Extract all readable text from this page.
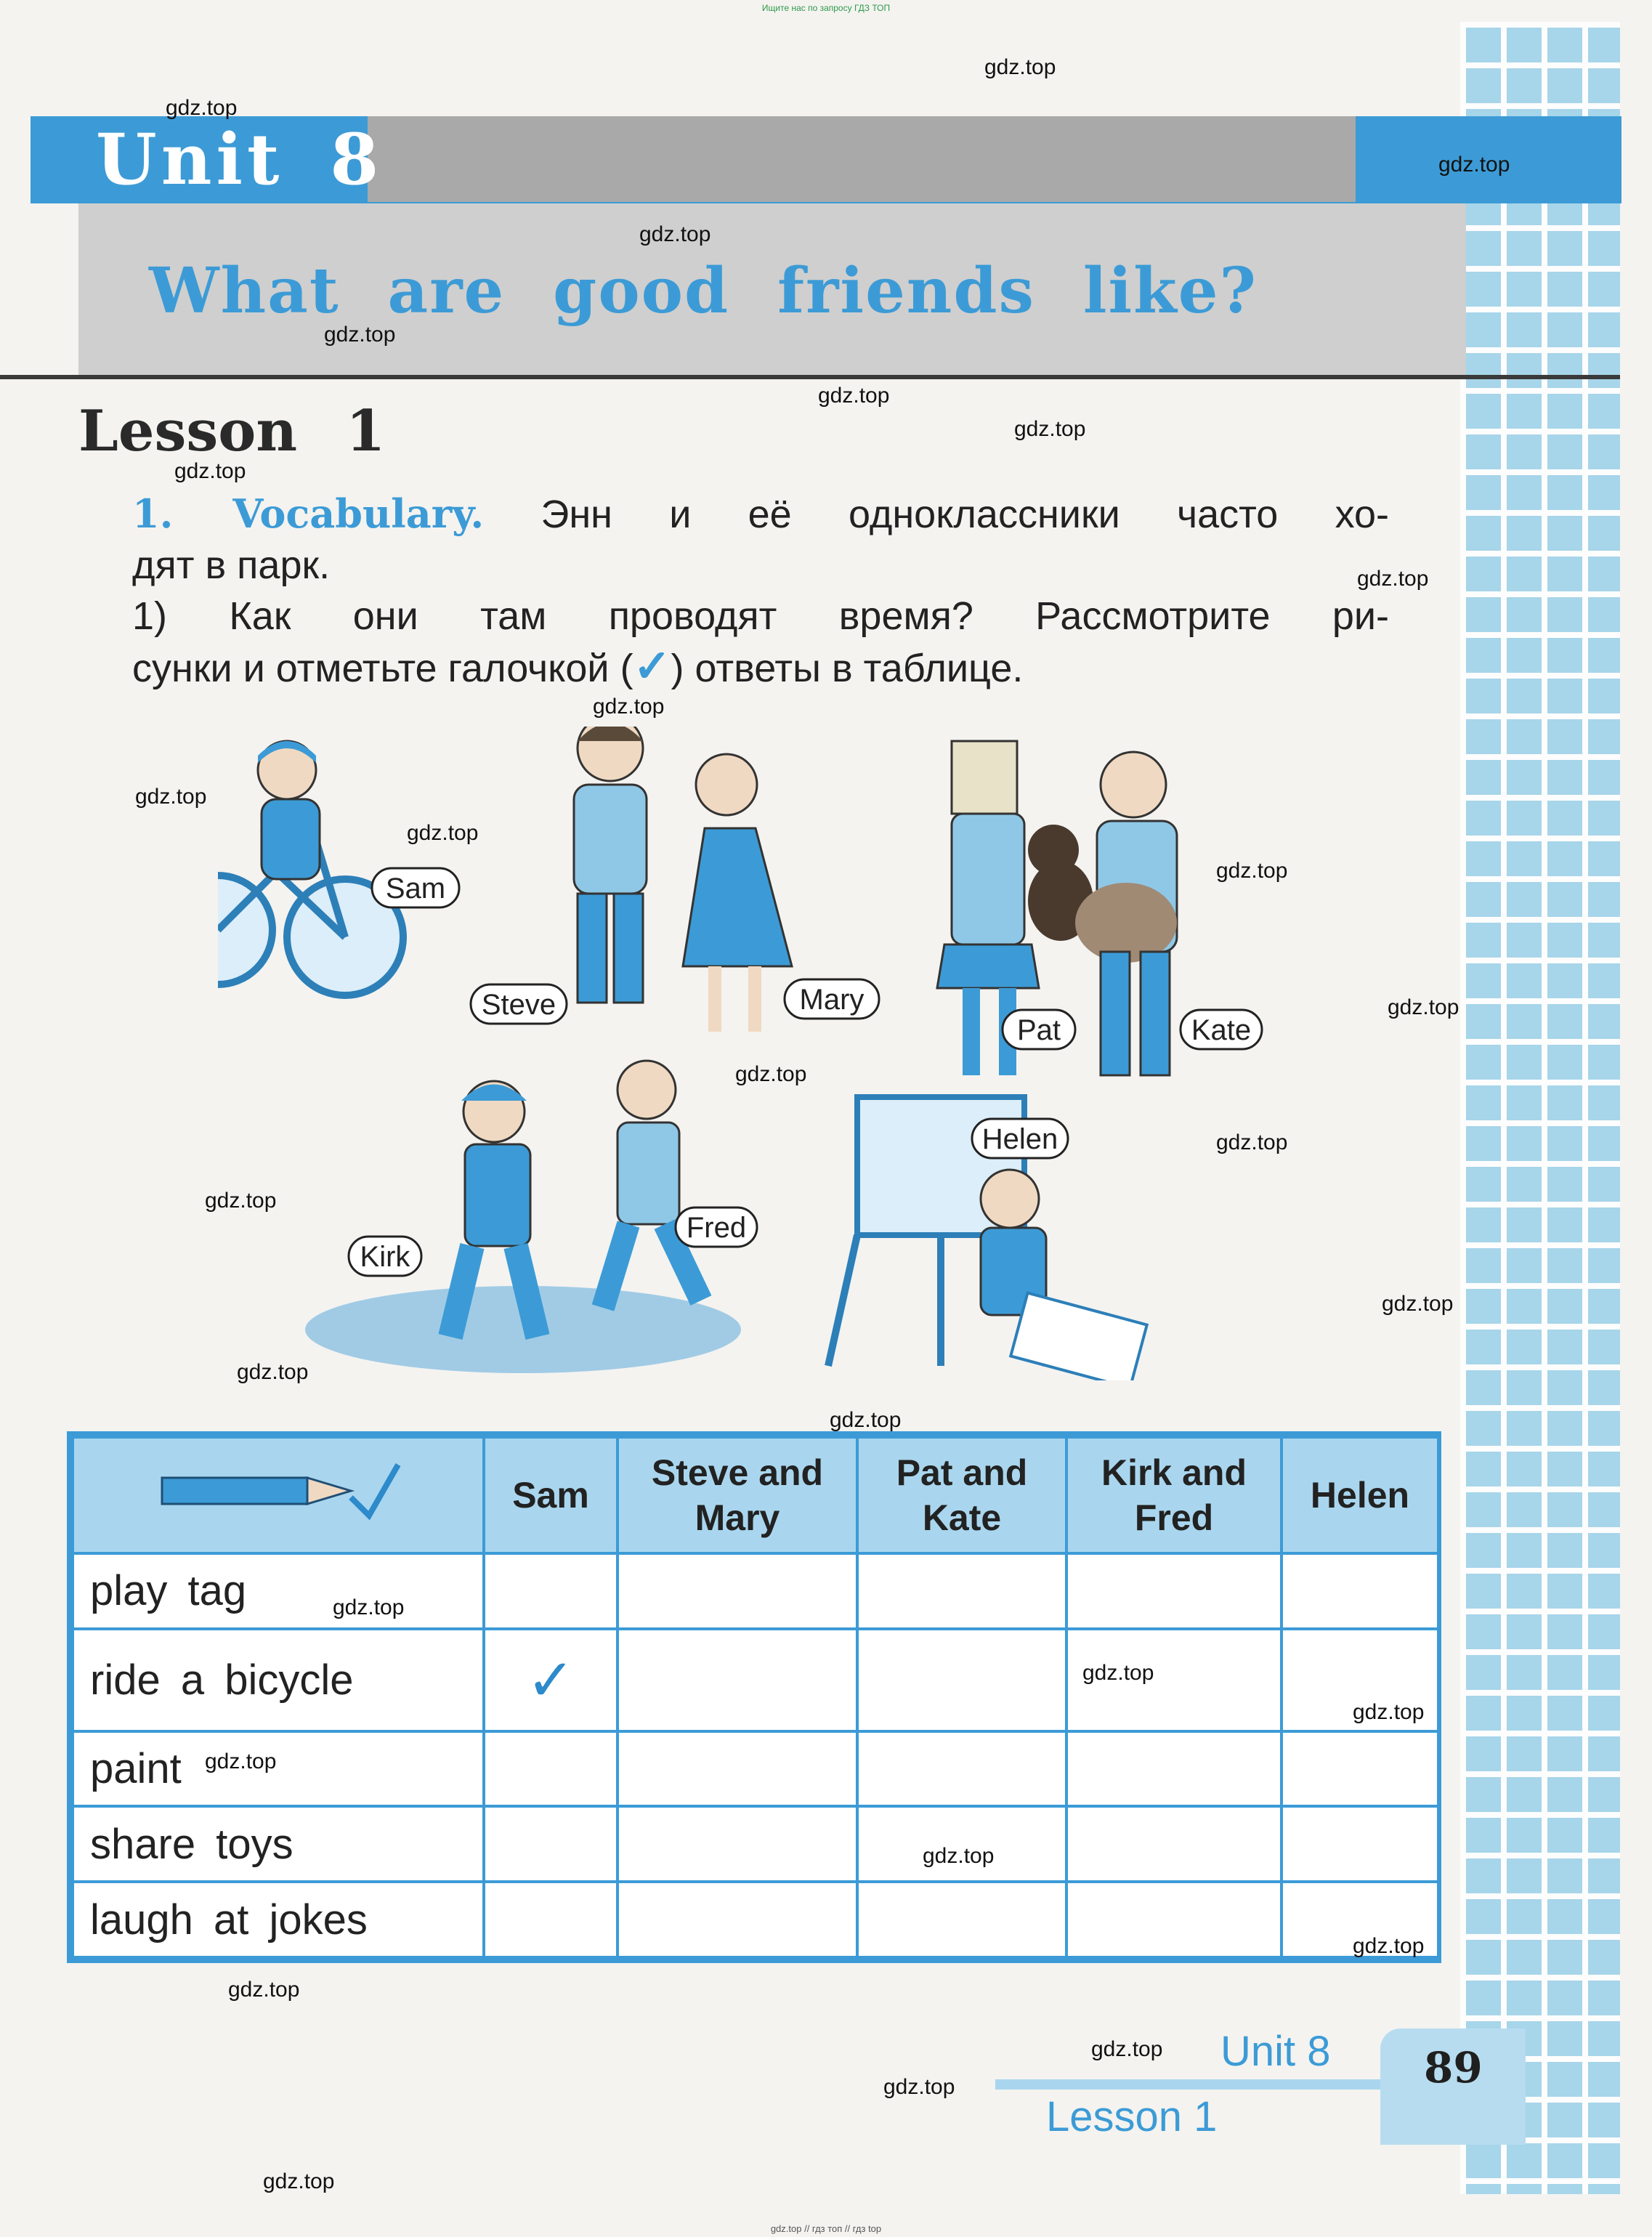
Ищите нас по запросу ГДЗ ТОП
Unit 8
What are good friends like?
Lesson 1

1. Vocabulary. Энн и её одноклассники часто хо-

дят в парк.

1) Как они там проводят время? Рассмотрите ри-

сунки и отметьте галочкой (✓) ответы в таблице.

Sam
Steve	Mary
Pat	Kate
Helen
Fred
Kirk
	Sam	Steve and Mary	Pat and Kate	Kirk and Fred	Helen
play tag					
ride a bicycle	✓				
paint					
share toys					
laugh at jokes					
Unit 8
Lesson 1
89
gdz.top
gdz.top
gdz.top
gdz.top
gdz.top
gdz.top
gdz.top
gdz.top
gdz.top
gdz.top
gdz.top
gdz.top
gdz.top
gdz.top
gdz.top
gdz.top
gdz.top
gdz.top
gdz.top
gdz.top
gdz.top
gdz.top
gdz.top
gdz.top
gdz.top
gdz.top
gdz.top
gdz.top
gdz.top
gdz.top
gdz.top // гдз топ // гдз top
